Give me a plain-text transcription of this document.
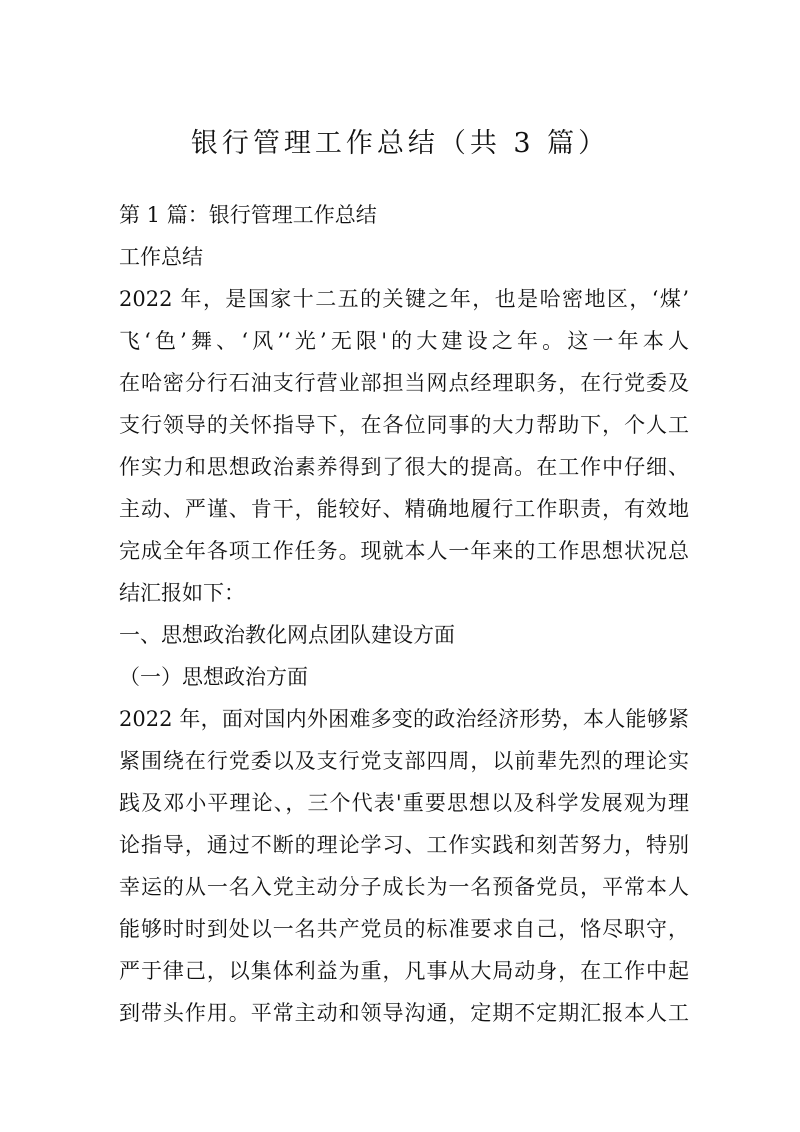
银行管理工作总结（共 3 篇）
第 1 篇：银行管理工作总结
工作总结
2022 年，是国家十二五的关键之年，也是哈密地区，‘煤’
飞‘色’舞、‘风’‘光’无限'的大建设之年。这一年本人
在哈密分行石油支行营业部担当网点经理职务，在行党委及
支行领导的关怀指导下，在各位同事的大力帮助下，个人工
作实力和思想政治素养得到了很大的提高。在工作中仔细、
主动、严谨、肯干，能较好、精确地履行工作职责，有效地
完成全年各项工作任务。现就本人一年来的工作思想状况总
结汇报如下：
一、思想政治教化网点团队建设方面
（一）思想政治方面
2022 年，面对国内外困难多变的政治经济形势，本人能够紧
紧围绕在行党委以及支行党支部四周，以前辈先烈的理论实
践及邓小平理论、，三个代表'重要思想以及科学发展观为理
论指导，通过不断的理论学习、工作实践和刻苦努力，特别
幸运的从一名入党主动分子成长为一名预备党员，平常本人
能够时时到处以一名共产党员的标准要求自己，恪尽职守，
严于律己，以集体利益为重，凡事从大局动身，在工作中起
到带头作用。平常主动和领导沟通，定期不定期汇报本人工
